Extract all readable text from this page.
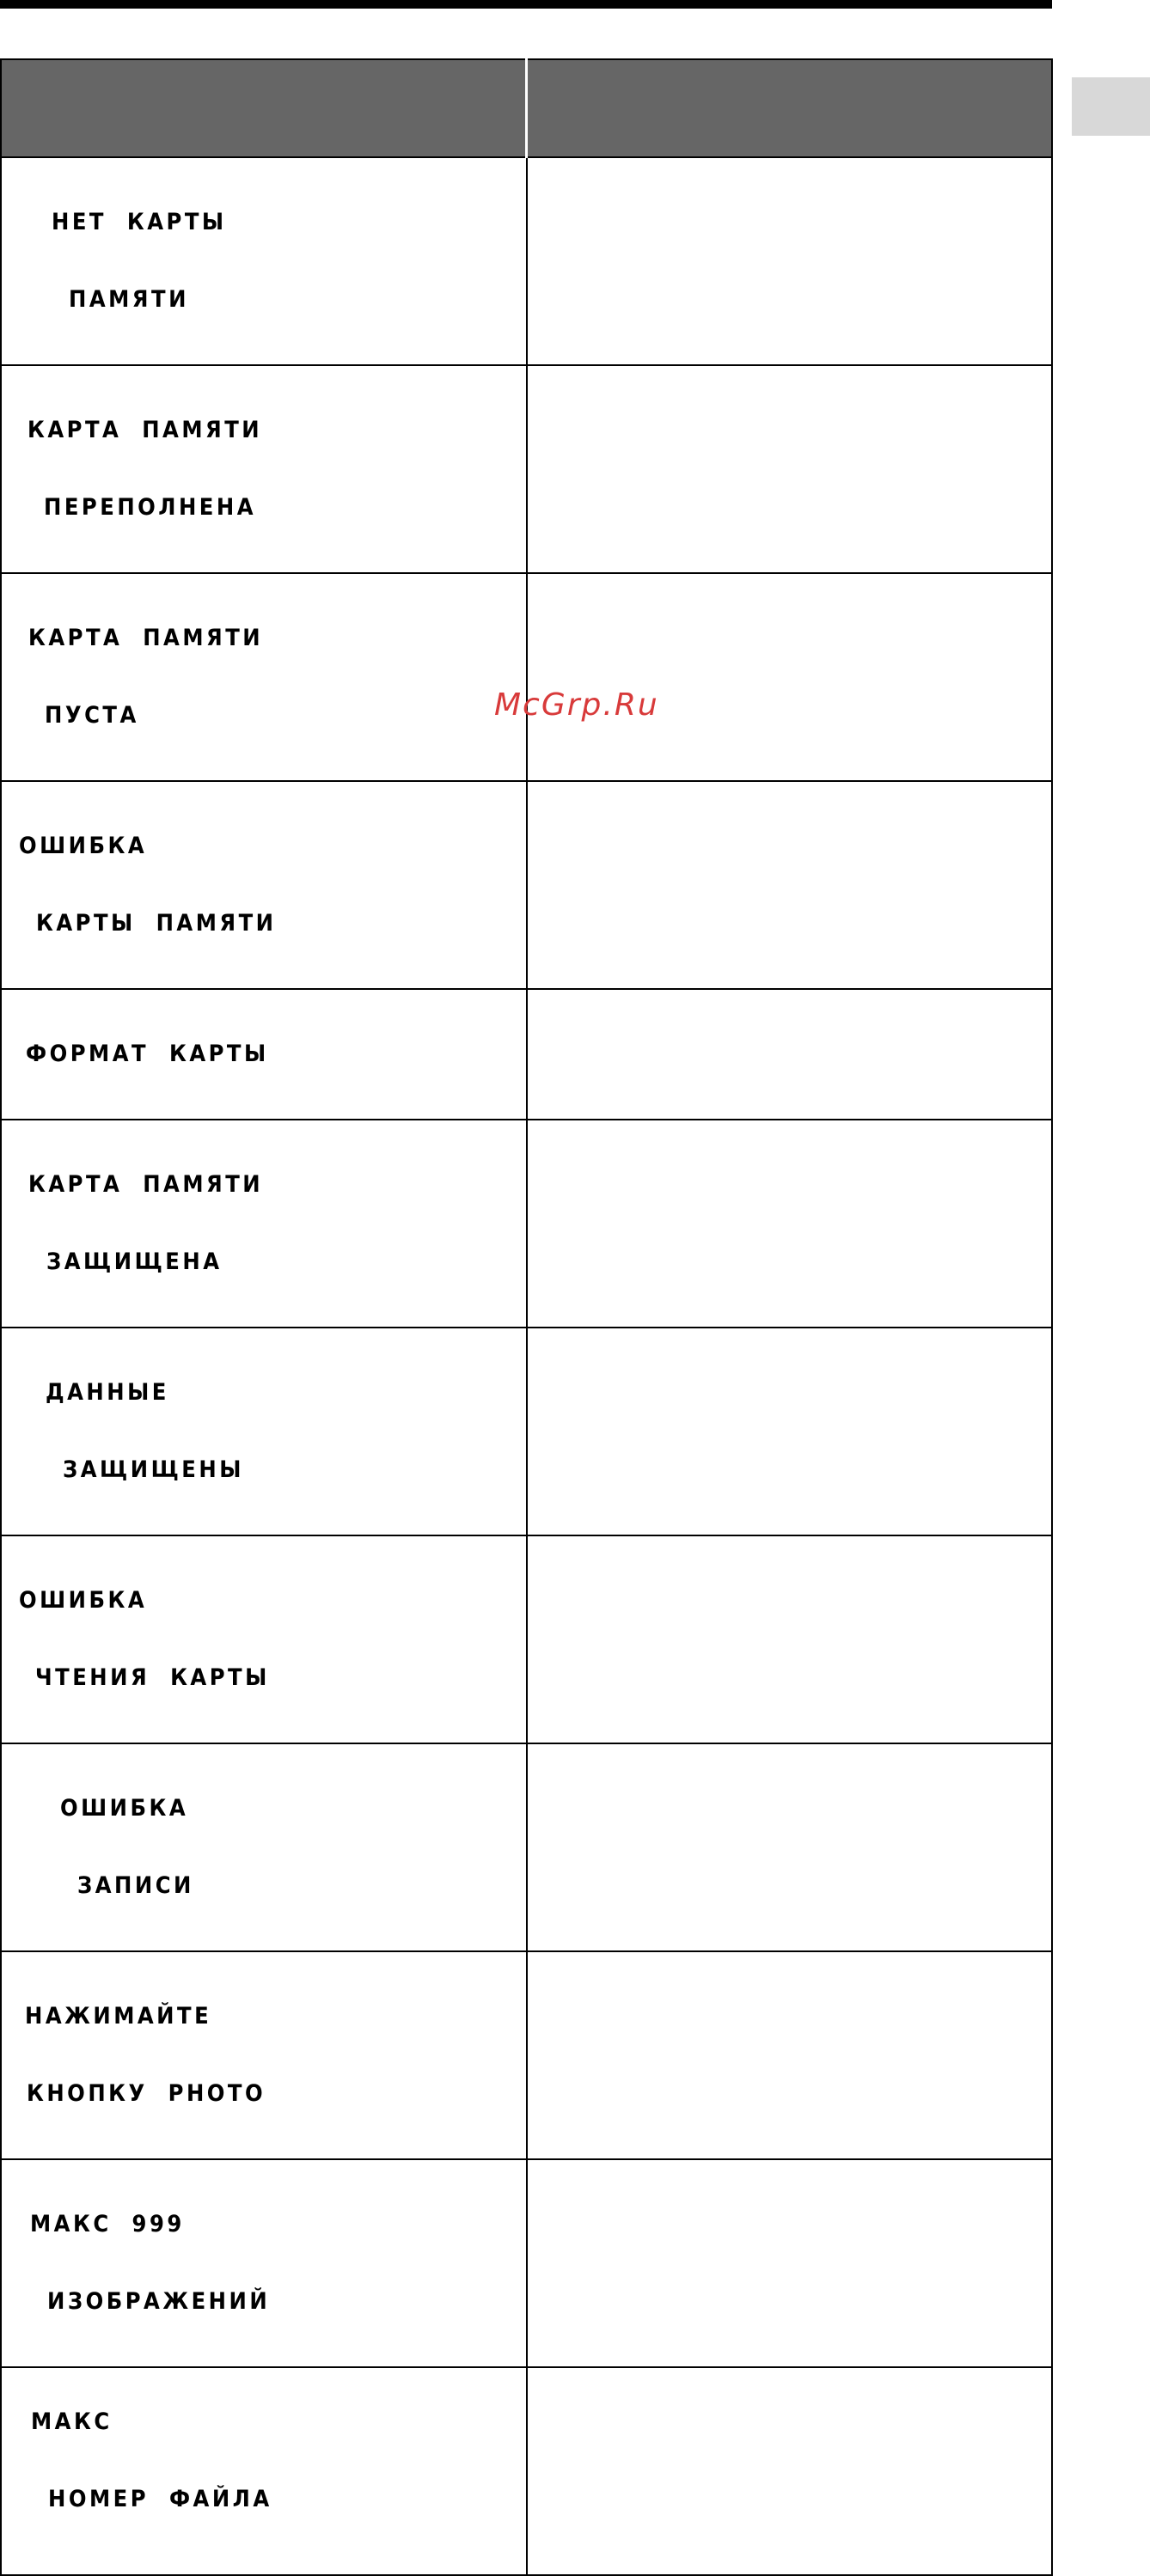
НЕТ  КАРТЫ

ПАМЯТИ	

КАРТА  ПАМЯТИ

ПЕРЕПОЛНЕНА	

КАРТА  ПАМЯТИ

ПУСТА	

ОШИБКА

КАРТЫ  ПАМЯТИ	

ФОРМАТ  КАРТЫ	

КАРТА  ПАМЯТИ

ЗАЩИЩЕНА	

ДАННЫЕ

ЗАЩИЩЕНЫ	

ОШИБКА

ЧТЕНИЯ  КАРТЫ	

ОШИБКА

ЗАПИСИ	

НАЖИМАЙТЕ

КНОПКУ  PHOTO	

МАКС  999

ИЗОБРАЖЕНИЙ	

МАКС

НОМЕР  ФАЙЛА	

McGrp.Ru
